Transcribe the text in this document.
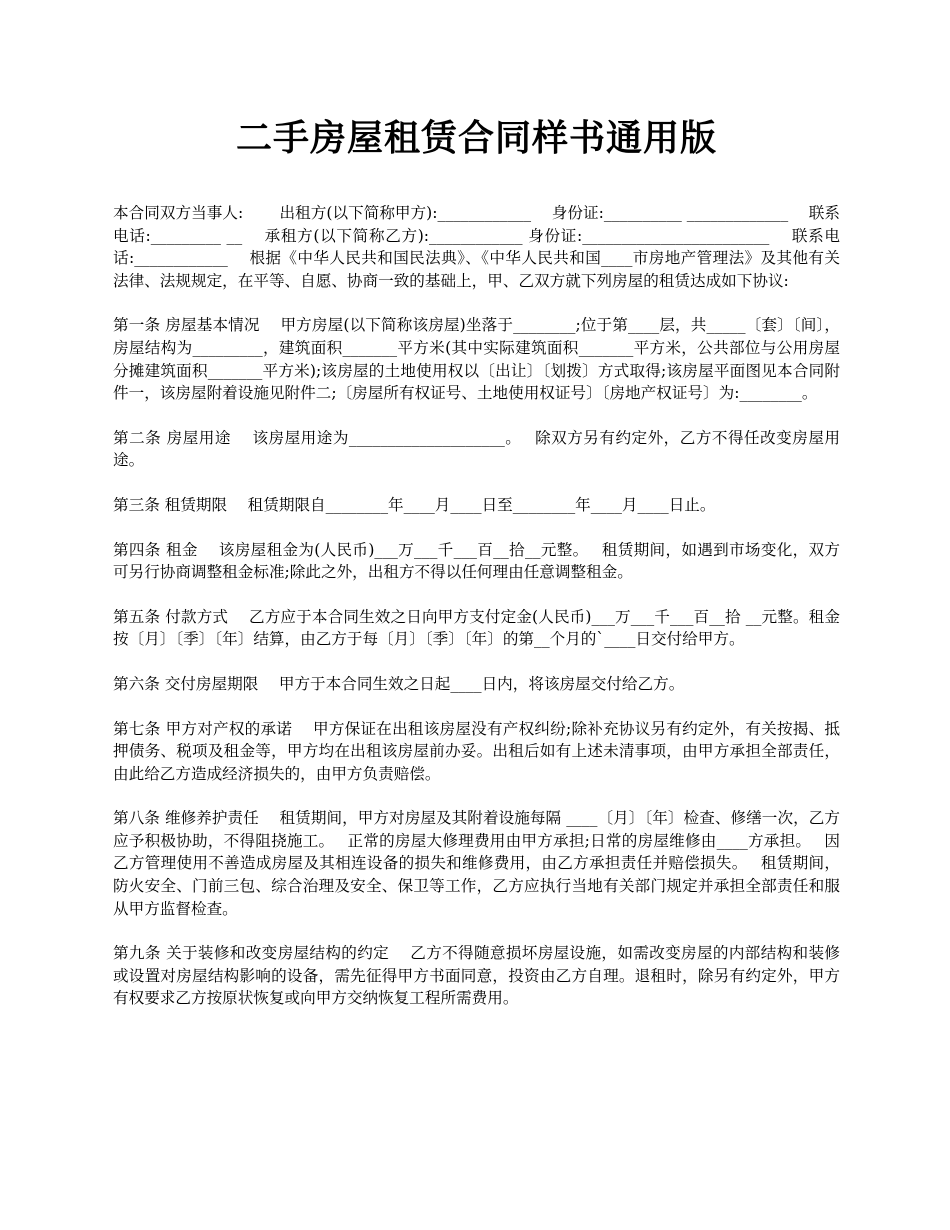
二手房屋租赁合同样书通用版

本合同双方当事人:　　 出租方(以下简称甲方):____________　 身份证:__________ _____________　 联系电话:_________ __　 承租方(以下简称乙方):____________ 身份证:________________________　 联系电话:____________　 根据《中华人民共和国民法典》、《中华人民共和国____市房地产管理法》及其他有关法律、法规规定，在平等、自愿、协商一致的基础上，甲、乙双方就下列房屋的租赁达成如下协议:

第一条 房屋基本情况　 甲方房屋(以下简称该房屋)坐落于________;位于第____层，共_____〔套〕〔间〕，房屋结构为_________，建筑面积_______平方米(其中实际建筑面积_______平方米，公共部位与公用房屋分摊建筑面积_______平方米);该房屋的土地使用权以〔出让〕〔划拨〕方式取得;该房屋平面图见本合同附件一，该房屋附着设施见附件二;〔房屋所有权证号、土地使用权证号〕〔房地产权证号〕为:________。

第二条 房屋用途　 该房屋用途为____________________。　 除双方另有约定外，乙方不得任改变房屋用途。

第三条 租赁期限　 租赁期限自________年____月____日至________年____月____日止。

第四条 租金　 该房屋租金为(人民币)___万___千___百__拾__元整。　 租赁期间，如遇到市场变化，双方可另行协商调整租金标准;除此之外，出租方不得以任何理由任意调整租金。

第五条 付款方式　 乙方应于本合同生效之日向甲方支付定金(人民币)___万___千___百__拾 __元整。租金按〔月〕〔季〕〔年〕结算，由乙方于每〔月〕〔季〕〔年〕的第__个月的`____日交付给甲方。

第六条 交付房屋期限　 甲方于本合同生效之日起____日内，将该房屋交付给乙方。

第七条 甲方对产权的承诺　 甲方保证在出租该房屋没有产权纠纷;除补充协议另有约定外，有关按揭、抵押债务、税项及租金等，甲方均在出租该房屋前办妥。出租后如有上述未清事项，由甲方承担全部责任，由此给乙方造成经济损失的，由甲方负责赔偿。

第八条 维修养护责任　 租赁期间，甲方对房屋及其附着设施每隔 ____〔月〕〔年〕检查、修缮一次，乙方应予积极协助，不得阻挠施工。　 正常的房屋大修理费用由甲方承担;日常的房屋维修由____方承担。　 因乙方管理使用不善造成房屋及其相连设备的损失和维修费用，由乙方承担责任并赔偿损失。　 租赁期间，防火安全、门前三包、综合治理及安全、保卫等工作，乙方应执行当地有关部门规定并承担全部责任和服从甲方监督检查。

第九条 关于装修和改变房屋结构的约定　 乙方不得随意损坏房屋设施，如需改变房屋的内部结构和装修或设置对房屋结构影响的设备，需先征得甲方书面同意，投资由乙方自理。退租时，除另有约定外，甲方有权要求乙方按原状恢复或向甲方交纳恢复工程所需费用。
